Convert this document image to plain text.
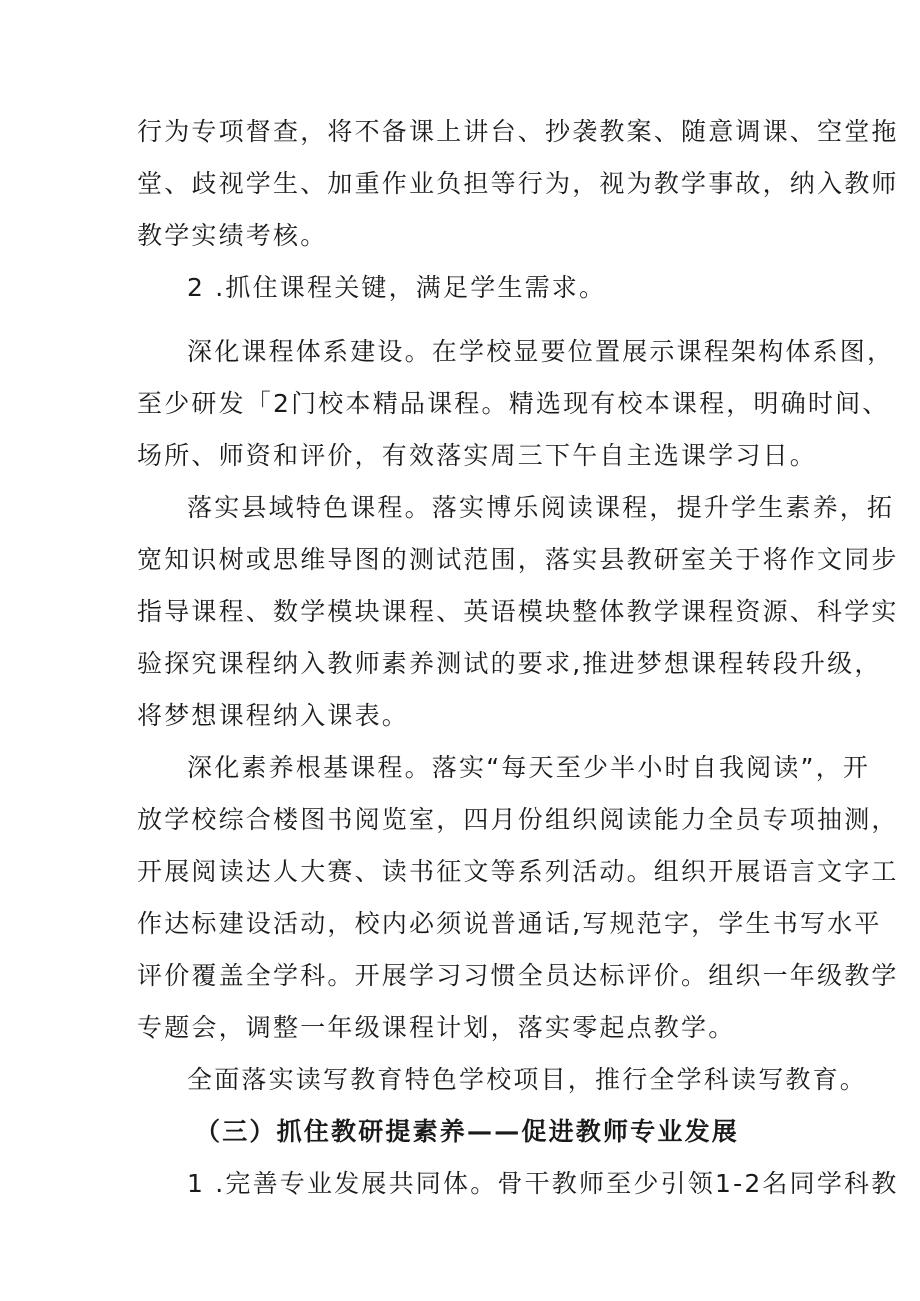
行为专项督查，将不备课上讲台、抄袭教案、随意调课、空堂拖
堂、歧视学生、加重作业负担等行为，视为教学事故，纳入教师
教学实绩考核。
2 .抓住课程关键，满足学生需求。
深化课程体系建设。在学校显要位置展示课程架构体系图，
至少研发「2门校本精品课程。精选现有校本课程，明确时间、
场所、师资和评价，有效落实周三下午自主选课学习日。
落实县域特色课程。落实博乐阅读课程，提升学生素养，拓
宽知识树或思维导图的测试范围，落实县教研室关于将作文同步
指导课程、数学模块课程、英语模块整体教学课程资源、科学实
验探究课程纳入教师素养测试的要求,推进梦想课程转段升级，
将梦想课程纳入课表。
深化素养根基课程。落实“每天至少半小时自我阅读”，开
放学校综合楼图书阅览室，四月份组织阅读能力全员专项抽测，
开展阅读达人大赛、读书征文等系列活动。组织开展语言文字工
作达标建设活动，校内必须说普通话,写规范字，学生书写水平
评价覆盖全学科。开展学习习惯全员达标评价。组织一年级教学
专题会，调整一年级课程计划，落实零起点教学。
全面落实读写教育特色学校项目，推行全学科读写教育。
（三）抓住教研提素养——促进教师专业发展
1 .完善专业发展共同体。骨干教师至少引领1-2名同学科教
